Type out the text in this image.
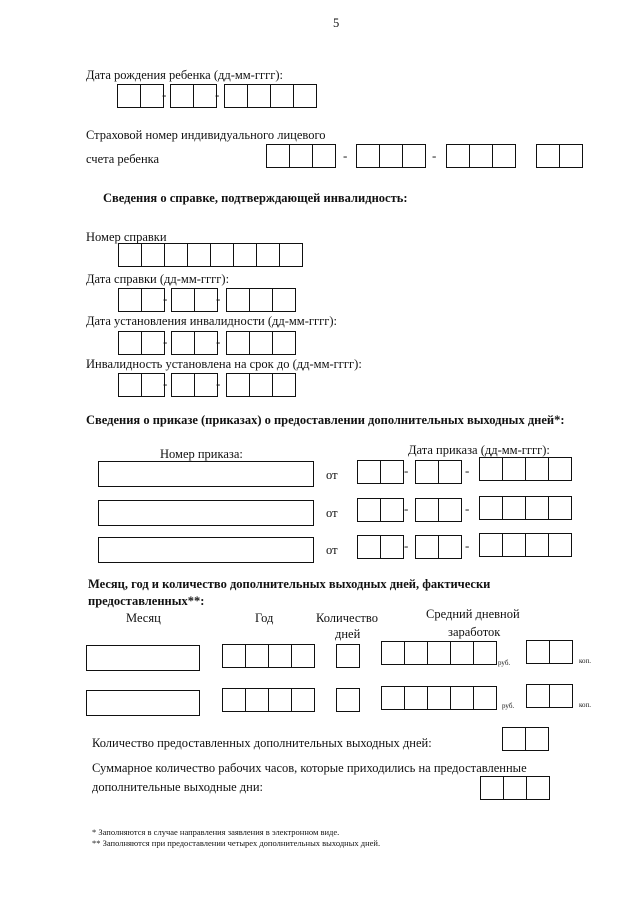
5
Дата рождения ребенка (дд-мм-гггг):
-	-
Страховой номер индивидуального лицевого
счета ребенка	-	-
Сведения о справке, подтверждающей инвалидность:
Номер справки
Дата справки (дд-мм-гггг):
-	-
Дата установления инвалидности (дд-мм-гггг):
-	-
Инвалидность установлена на срок до (дд-мм-гггг):
-	-
Сведения о приказе (приказах) о предоставлении дополнительных выходных дней*:
Номер приказа:	Дата приказа (дд-мм-гггг):
от	-	-
от	-	-
от	-	-
Месяц, год и количество дополнительных выходных дней, фактически
предоставленных**:
Месяц	Год	Количество
дней
Средний дневной
заработок
руб.	коп.
руб.	коп.
Количество предоставленных дополнительных выходных дней:
Суммарное количество рабочих часов, которые приходились на предоставленные
дополнительные выходные дни:
* Заполняются в случае направления заявления в электронном виде.
** Заполняются при предоставлении четырех дополнительных выходных дней.
